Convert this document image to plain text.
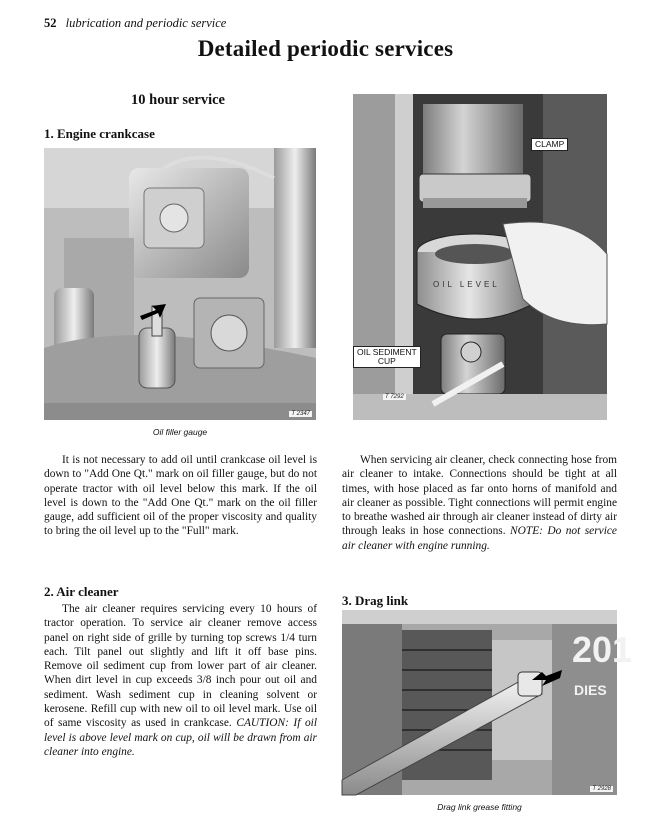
52 lubrication and periodic service
Detailed periodic services
10 hour service
1. Engine crankcase
T 2347
Oil filler gauge

It is not necessary to add oil until crankcase oil level is down to "Add One Qt." mark on oil filler gauge, but do not operate tractor with oil level below this mark. If the oil level is down to the "Add One Qt." mark on the oil filler gauge, add sufficient oil of the proper viscosity and quality to bring the oil level up to the "Full" mark.

2. Air cleaner

The air cleaner requires servicing every 10 hours of tractor operation. To service air cleaner remove access panel on right side of grille by turning top screws 1/4 turn each. Tilt panel out slightly and lift it off base pins. Remove oil sediment cup from lower part of air cleaner. When dirt level in cup exceeds 3/8 inch pour out oil and sediment. Wash sediment cup in cleaning solvent or kerosene. Refill cup with new oil to oil level mark. Use oil of same viscosity as used in crankcase. CAUTION: If oil level is above level mark on cup, oil will be drawn from air cleaner into engine.

T 7292
CLAMP
OIL SEDIMENT
CUP
OIL LEVEL

When servicing air cleaner, check connecting hose from air cleaner to intake. Connections should be tight at all times, with hose placed as far onto horns of manifold and air cleaner as possible. Tight connections will permit engine to breathe washed air through air cleaner instead of dirty air through leaks in hose connections. NOTE: Do not service air cleaner with engine running.

3. Drag link
201
DIES
T 2928
Drag link grease fitting
